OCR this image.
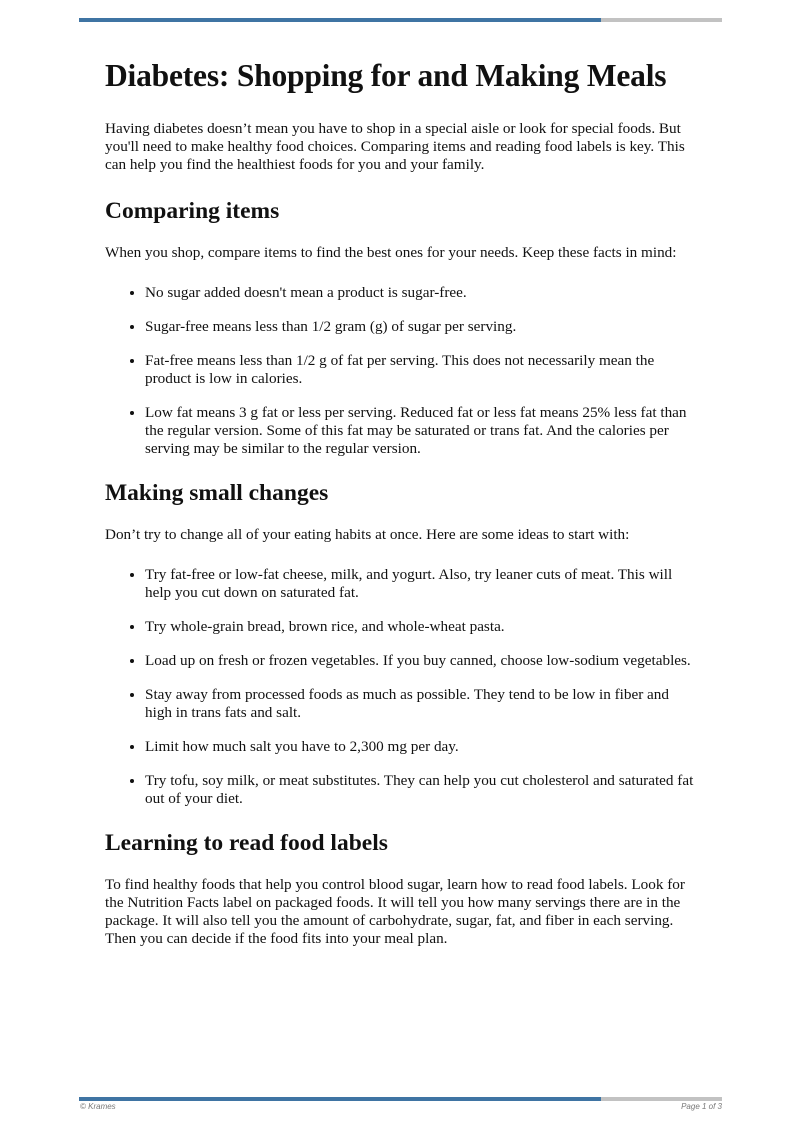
Diabetes: Shopping for and Making Meals

Having diabetes doesn’t mean you have to shop in a special aisle or look for special foods. But you'll need to make healthy food choices. Comparing items and reading food labels is key. This can help you find the healthiest foods for you and your family.

Comparing items

When you shop, compare items to find the best ones for your needs. Keep these facts in mind:

• No sugar added doesn't mean a product is sugar-free.
• Sugar-free means less than 1/2 gram (g) of sugar per serving.
• Fat-free means less than 1/2 g of fat per serving. This does not necessarily mean the product is low in calories.
• Low fat means 3 g fat or less per serving. Reduced fat or less fat means 25% less fat than the regular version. Some of this fat may be saturated or trans fat. And the calories per serving may be similar to the regular version.
Making small changes

Don’t try to change all of your eating habits at once. Here are some ideas to start with:

• Try fat-free or low-fat cheese, milk, and yogurt. Also, try leaner cuts of meat. This will help you cut down on saturated fat.
• Try whole-grain bread, brown rice, and whole-wheat pasta.
• Load up on fresh or frozen vegetables. If you buy canned, choose low-sodium vegetables.
• Stay away from processed foods as much as possible. They tend to be low in fiber and high in trans fats and salt.
• Limit how much salt you have to 2,300 mg per day.
• Try tofu, soy milk, or meat substitutes. They can help you cut cholesterol and saturated fat out of your diet.
Learning to read food labels

To find healthy foods that help you control blood sugar, learn how to read food labels. Look for the Nutrition Facts label on packaged foods. It will tell you how many servings there are in the package. It will also tell you the amount of carbohydrate, sugar, fat, and fiber in each serving. Then you can decide if the food fits into your meal plan.

© Krames	Page 1 of 3
